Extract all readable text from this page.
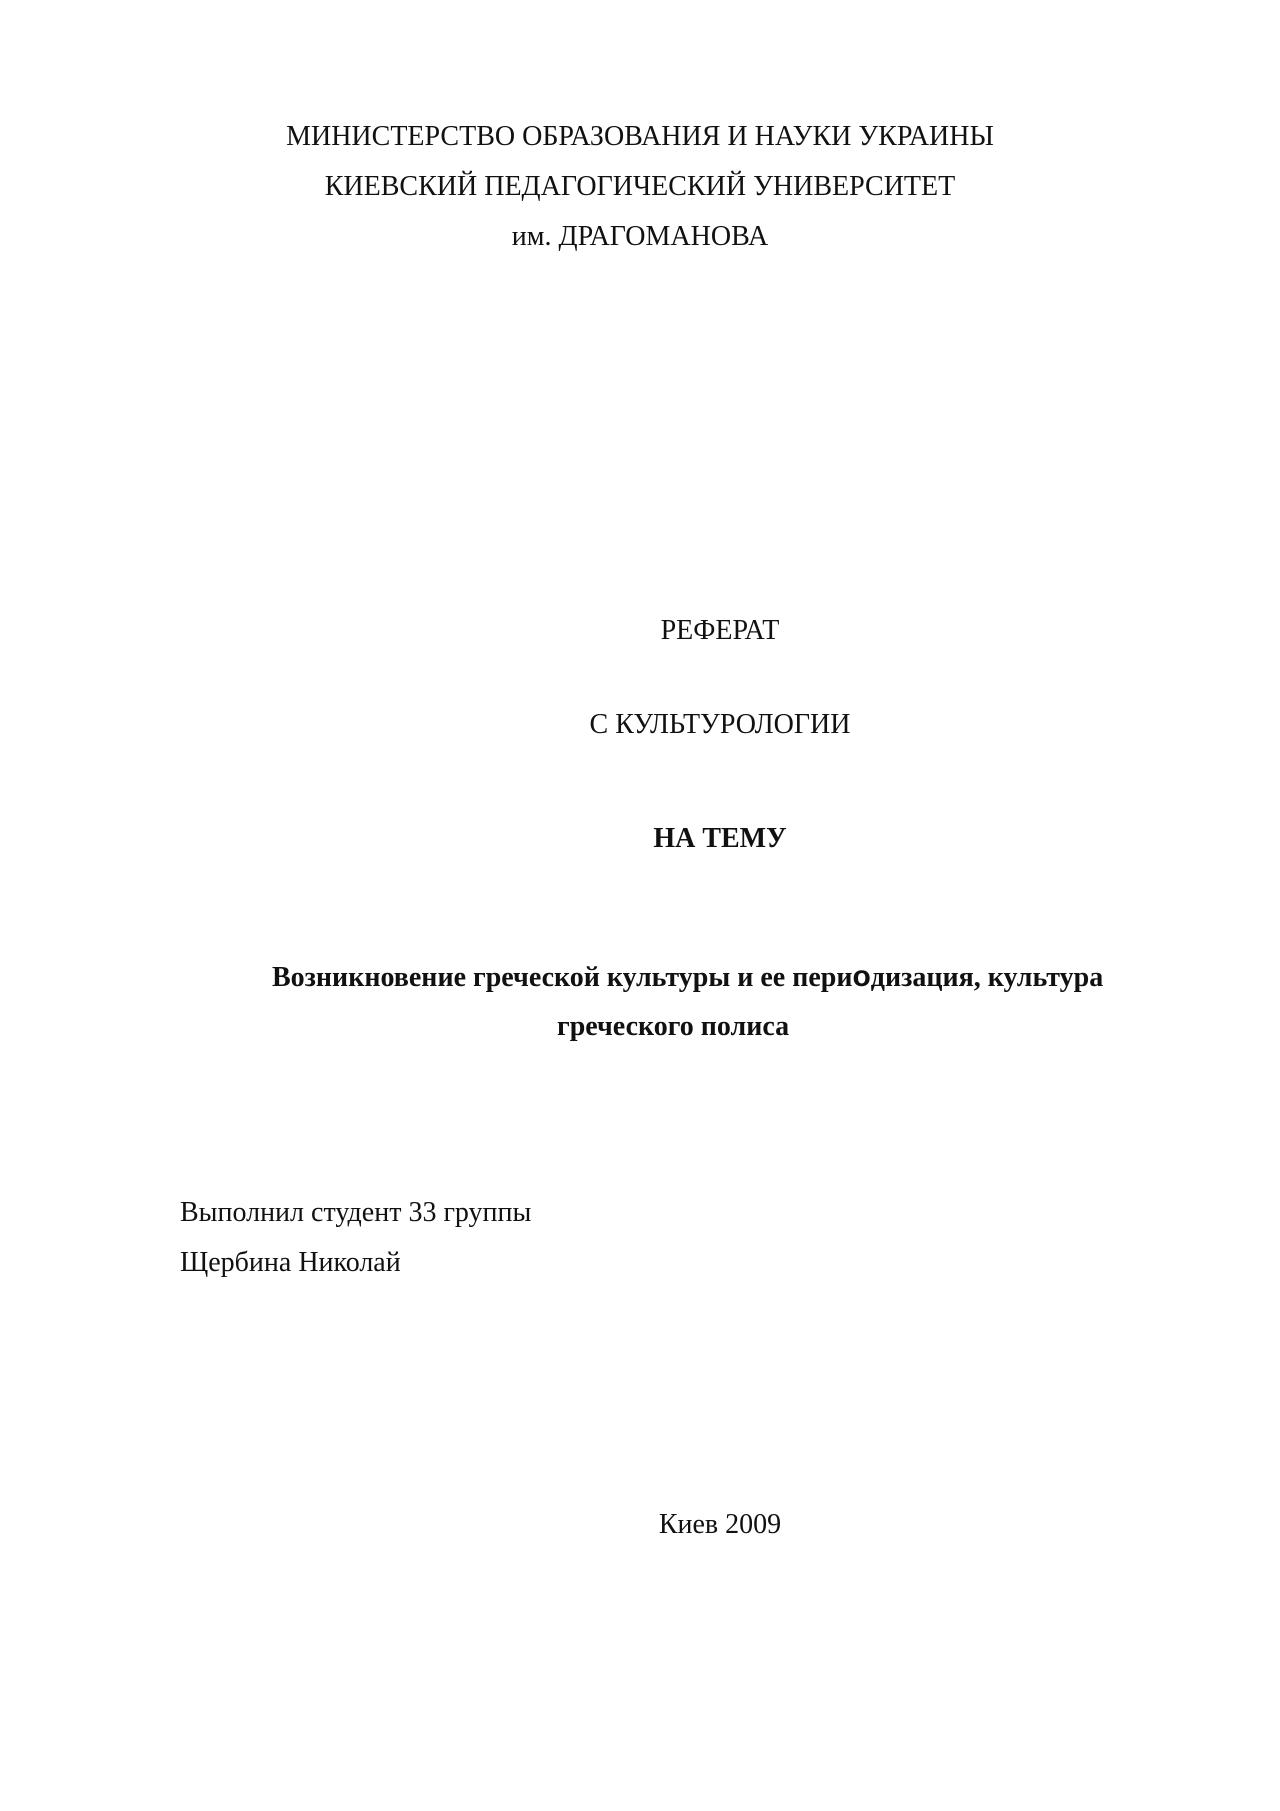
МИНИСТЕРСТВО ОБРАЗОВАНИЯ И НАУКИ УКРАИНЫ
КИЕВСКИЙ ПЕДАГОГИЧЕСКИЙ УНИВЕРСИТЕТ
им. ДРАГОМАНОВА
РЕФЕРАТ
С КУЛЬТУРОЛОГИИ
НА ТЕМУ
Возникновение греческой культуры и ее периодизация, культура
греческого полиса
Выполнил студент 33 группы
Щербина Николай
Киев 2009
